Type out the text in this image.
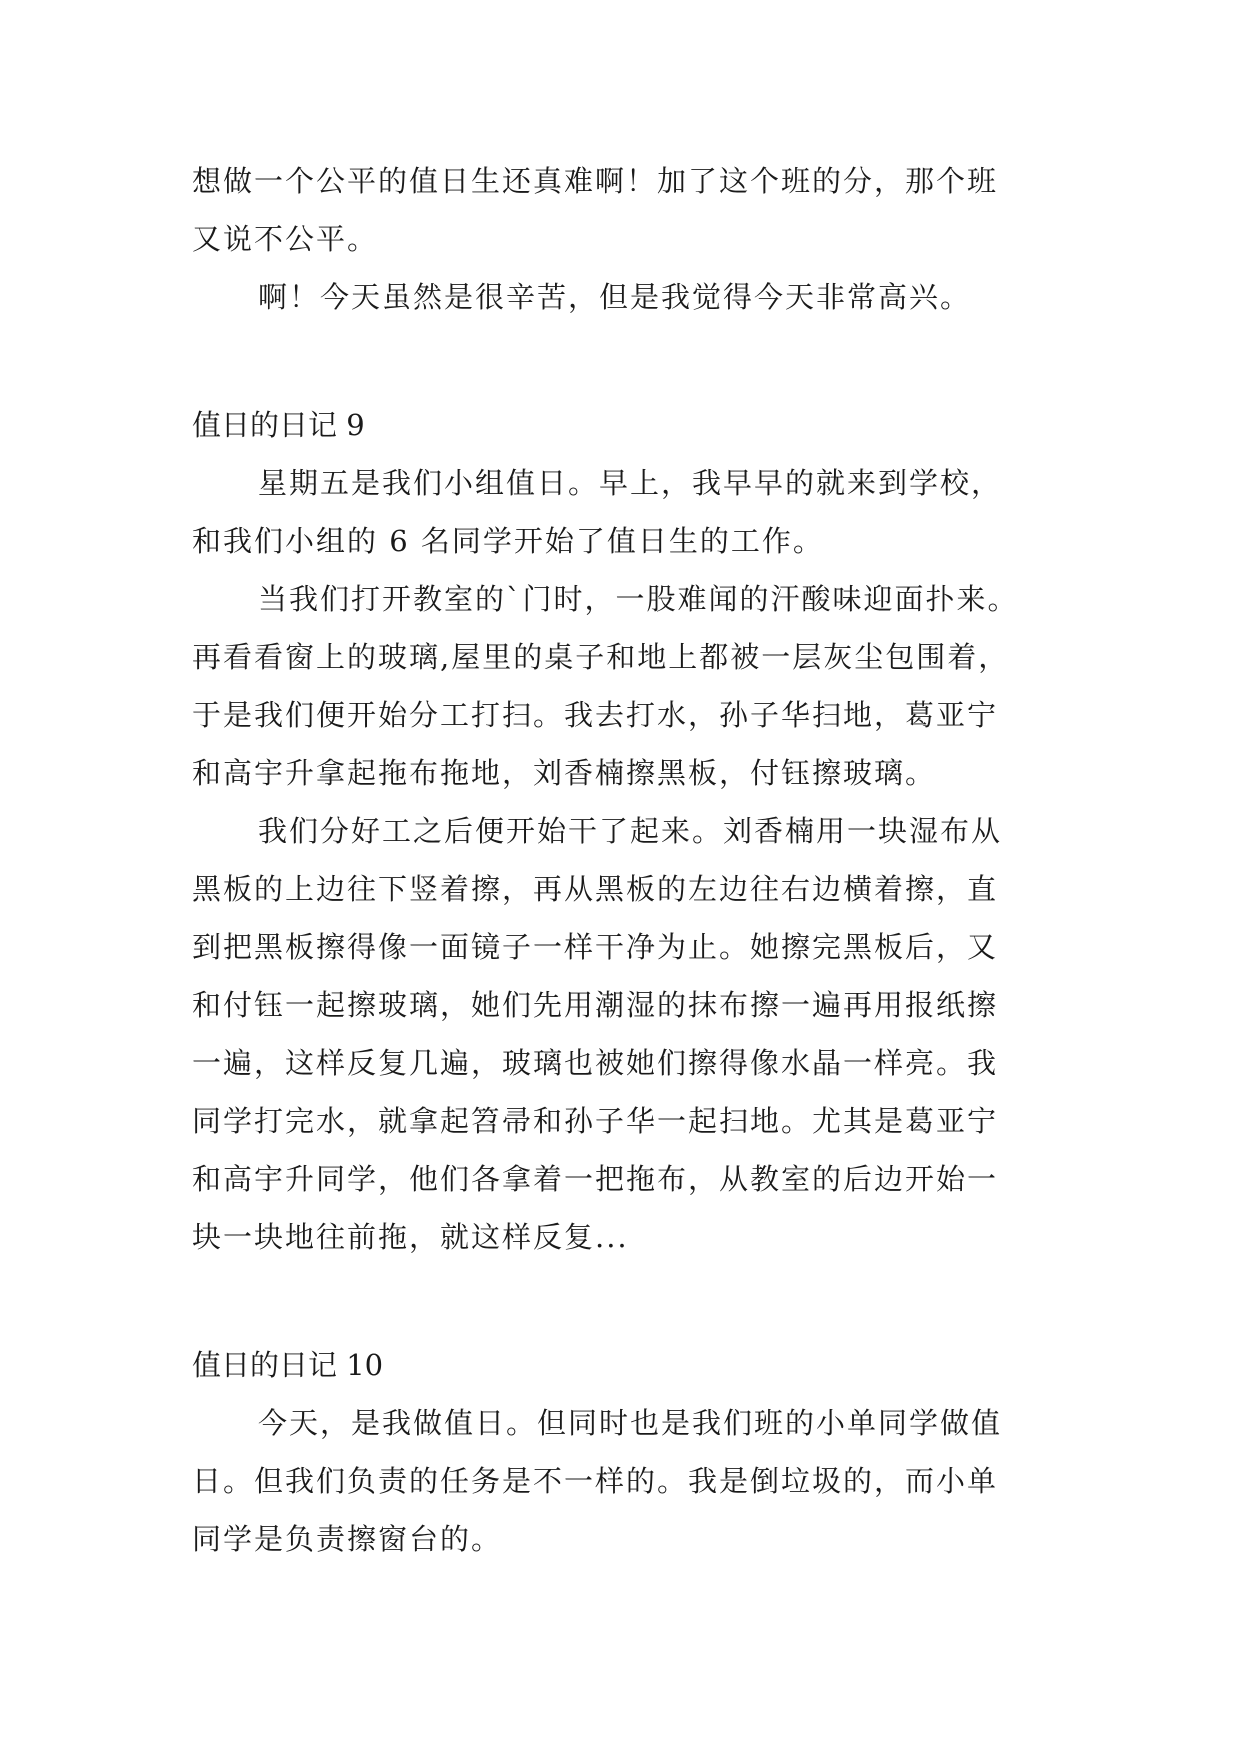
想做一个公平的值日生还真难啊！加了这个班的分，那个班
又说不公平。
啊！今天虽然是很辛苦，但是我觉得今天非常高兴。
值日的日记 9
星期五是我们小组值日。早上，我早早的就来到学校，
和我们小组的 6 名同学开始了值日生的工作。
当我们打开教室的`门时，一股难闻的汗酸味迎面扑来。
再看看窗上的玻璃,屋里的桌子和地上都被一层灰尘包围着，
于是我们便开始分工打扫。我去打水，孙子华扫地，葛亚宁
和高宇升拿起拖布拖地，刘香楠擦黑板，付钰擦玻璃。
我们分好工之后便开始干了起来。刘香楠用一块湿布从
黑板的上边往下竖着擦，再从黑板的左边往右边横着擦，直
到把黑板擦得像一面镜子一样干净为止。她擦完黑板后，又
和付钰一起擦玻璃，她们先用潮湿的抹布擦一遍再用报纸擦
一遍，这样反复几遍，玻璃也被她们擦得像水晶一样亮。我
同学打完水，就拿起笤帚和孙子华一起扫地。尤其是葛亚宁
和高宇升同学，他们各拿着一把拖布，从教室的后边开始一
块一块地往前拖，就这样反复...
值日的日记 10
今天，是我做值日。但同时也是我们班的小单同学做值
日。但我们负责的任务是不一样的。我是倒垃圾的，而小单
同学是负责擦窗台的。
